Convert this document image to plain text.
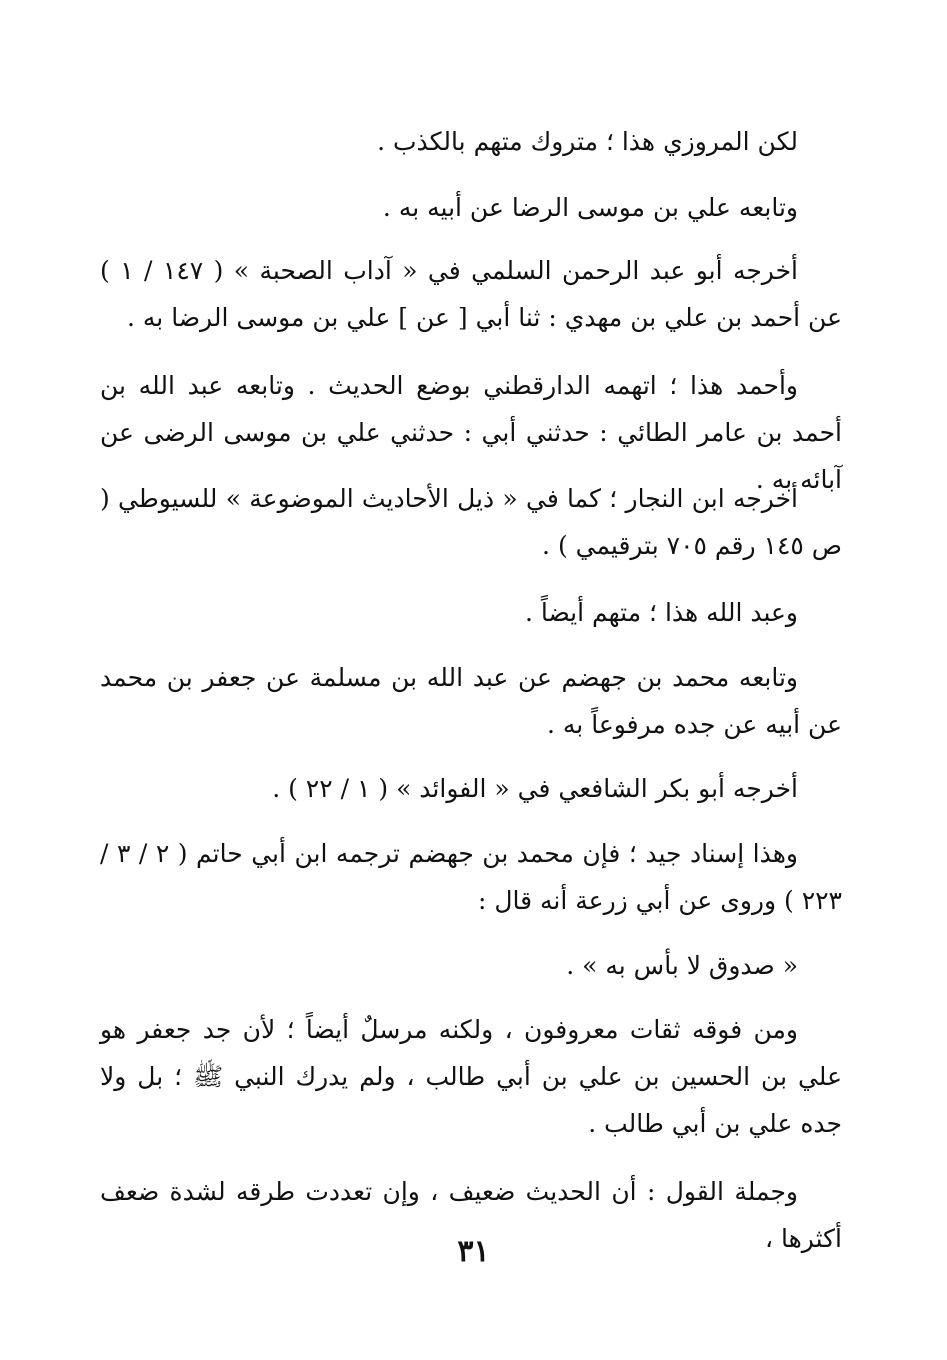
لكن المروزي هذا ؛ متروك متهم بالكذب .

وتابعه علي بن موسى الرضا عن أبيه به .

أخرجه أبو عبد الرحمن السلمي في « آداب الصحبة » ( ١٤٧ / ١ ) عن أحمد بن علي بن مهدي : ثنا أبي [ عن ] علي بن موسى الرضا به .

وأحمد هذا ؛ اتهمه الدارقطني بوضع الحديث . وتابعه عبد الله بن أحمد بن عامر الطائي : حدثني أبي : حدثني علي بن موسى الرضى عن آبائه به .

أخرجه ابن النجار ؛ كما في « ذيل الأحاديث الموضوعة » للسيوطي ( ص ١٤٥ رقم ٧٠٥ بترقيمي ) .

وعبد الله هذا ؛ متهم أيضاً .

وتابعه محمد بن جهضم عن عبد الله بن مسلمة عن جعفر بن محمد عن أبيه عن جده مرفوعاً به .

أخرجه أبو بكر الشافعي في « الفوائد » ( ١ / ٢٢ ) .

وهذا إسناد جيد ؛ فإن محمد بن جهضم ترجمه ابن أبي حاتم ( ٢ / ٣ / ٢٢٣ ) وروى عن أبي زرعة أنه قال :

« صدوق لا بأس به » .

ومن فوقه ثقات معروفون ، ولكنه مرسلٌ أيضاً ؛ لأن جد جعفر هو علي بن الحسين بن علي بن أبي طالب ، ولم يدرك النبي ﷺ ؛ بل ولا جده علي بن أبي طالب .

وجملة القول : أن الحديث ضعيف ، وإن تعددت طرقه لشدة ضعف أكثرها ،

٣١
